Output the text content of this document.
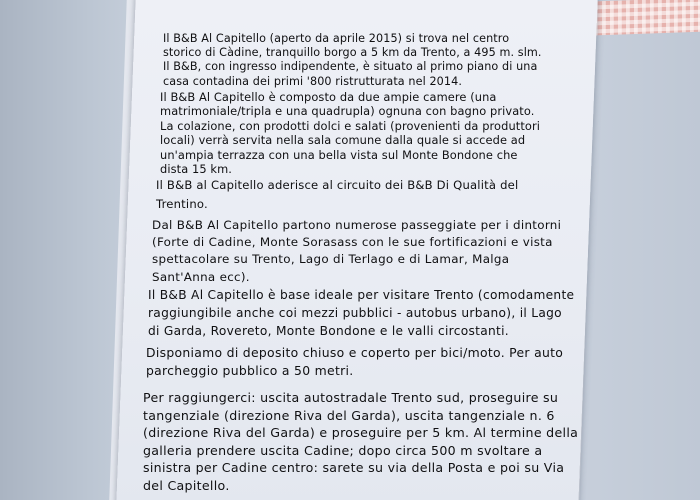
Il B&B Al Capitello (aperto da aprile 2015) si trova nel centro
storico di Càdine, tranquillo borgo a 5 km da Trento, a 495 m. slm.
Il B&B, con ingresso indipendente, è situato al primo piano di una
casa contadina dei primi '800 ristrutturata nel 2014.
Il B&B Al Capitello è composto da due ampie camere (una
matrimoniale/tripla e una quadrupla) ognuna con bagno privato.
La colazione, con prodotti dolci e salati (provenienti da produttori
locali) verrà servita nella sala comune dalla quale si accede ad
un'ampia terrazza con una bella vista sul Monte Bondone che
dista 15 km.
Il B&B al Capitello aderisce al circuito dei B&B Di Qualità del
Trentino.
Dal B&B Al Capitello partono numerose passeggiate per i dintorni
(Forte di Cadine, Monte Sorasass con le sue fortificazioni e vista
spettacolare su Trento, Lago di Terlago e di Lamar, Malga
Sant'Anna ecc).
Il B&B Al Capitello è base ideale per visitare Trento (comodamente
raggiungibile anche coi mezzi pubblici - autobus urbano), il Lago
di Garda, Rovereto, Monte Bondone e le valli circostanti.
Disponiamo di deposito chiuso e coperto per bici/moto. Per auto
parcheggio pubblico a 50 metri.
Per raggiungerci: uscita autostradale Trento sud, proseguire su
tangenziale (direzione Riva del Garda), uscita tangenziale n. 6
(direzione Riva del Garda) e proseguire per 5 km. Al termine della
galleria prendere uscita Cadine; dopo circa 500 m svoltare a
sinistra per Cadine centro: sarete su via della Posta e poi su Via
del Capitello.
